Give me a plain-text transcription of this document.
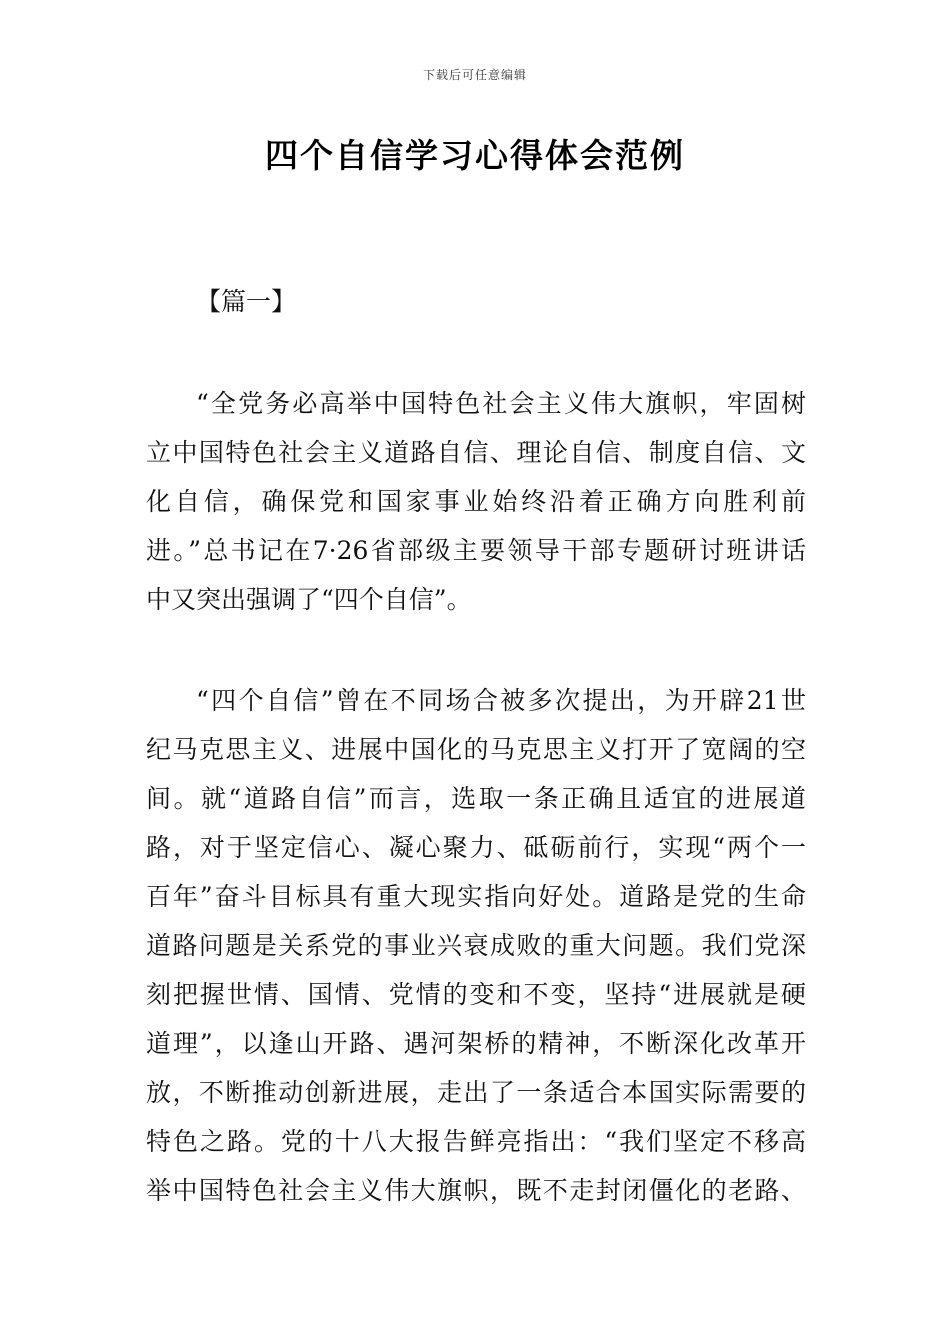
下载后可任意编辑
四个自信学习心得体会范例
【篇一】
“全党务必高举中国特色社会主义伟大旗帜，牢固树
立中国特色社会主义道路自信、理论自信、制度自信、文
化自信，确保党和国家事业始终沿着正确方向胜利前
进。”总书记在7·26省部级主要领导干部专题研讨班讲话
中又突出强调了“四个自信”。
“四个自信”曾在不同场合被多次提出，为开辟21世
纪马克思主义、进展中国化的马克思主义打开了宽阔的空
间。就“道路自信”而言，选取一条正确且适宜的进展道
路，对于坚定信心、凝心聚力、砥砺前行，实现“两个一
百年”奋斗目标具有重大现实指向好处。道路是党的生命
道路问题是关系党的事业兴衰成败的重大问题。我们党深
刻把握世情、国情、党情的变和不变，坚持“进展就是硬
道理”，以逢山开路、遇河架桥的精神，不断深化改革开
放，不断推动创新进展，走出了一条适合本国实际需要的
特色之路。党的十八大报告鲜亮指出：“我们坚定不移高
举中国特色社会主义伟大旗帜，既不走封闭僵化的老路、
